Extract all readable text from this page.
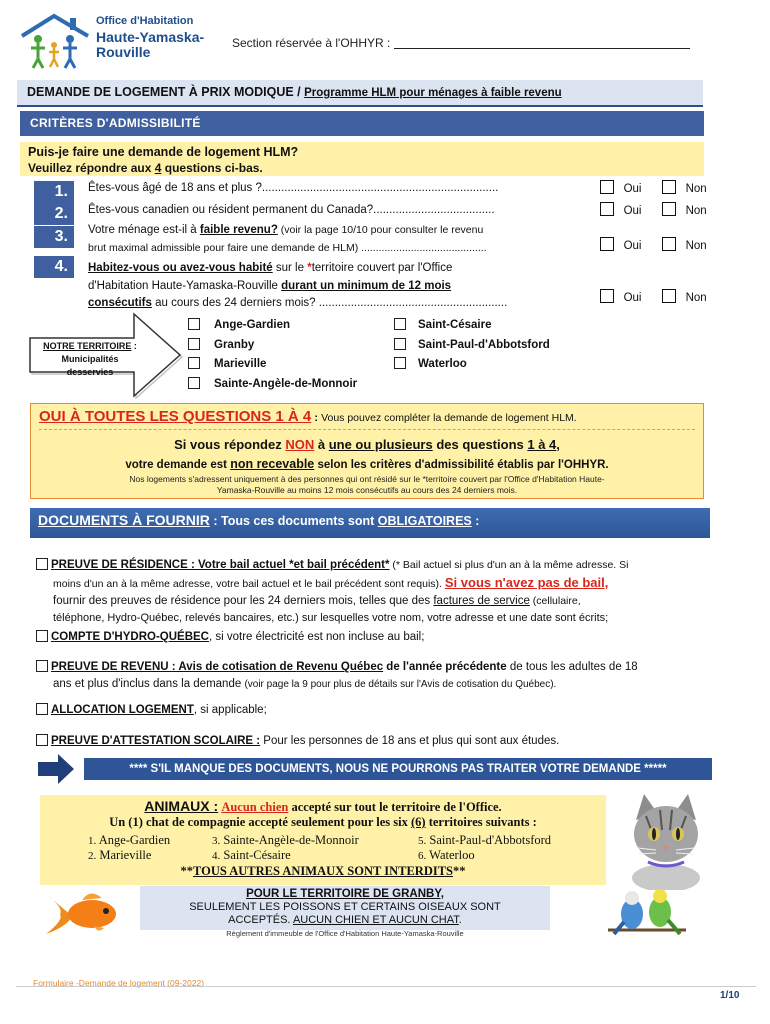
Office d'Habitation
Haute-Yamaska-
Rouville
Section réservée à l'OHHYR :
DEMANDE DE LOGEMENT À PRIX MODIQUE / Programme HLM pour ménages à faible revenu
CRITÈRES D'ADMISSIBILITÉ
Puis-je faire une demande de logement HLM?
Veuillez répondre aux 4 questions ci-bas.
1.	Êtes-vous âgé de 18 ans et plus ?..........................................................................	Oui	Non
2.	Êtes-vous canadien ou résident permanent du Canada?......................................	Oui	Non
3.	Votre ménage est-il à faible revenu? (voir la page 10/10 pour consulter le revenu
brut maximal admissible pour faire une demande de HLM) ...........................................	Oui	Non
4.	Habitez-vous ou avez-vous habité sur le *territoire couvert par l'Office
d'Habitation Haute-Yamaska-Rouville durant un minimum de 12 mois
consécutifs au cours des 24 derniers mois? ...........................................................	Oui	Non
NOTRE TERRITOIRE :
Municipalités
desservies
Ange-Gardien
Granby
Marieville
Sainte-Angèle-de-Monnoir
Saint-Césaire
Saint-Paul-d'Abbotsford
Waterloo
OUI À TOUTES LES QUESTIONS 1 À 4 : Vous pouvez compléter la demande de logement HLM.
Si vous répondez NON à une ou plusieurs des questions 1 à 4,
votre demande est non recevable selon les critères d'admissibilité établis par l'OHHYR.
Nos logements s'adressent uniquement à des personnes qui ont résidé sur le *territoire couvert par l'Office d'Habitation Haute-
Yamaska-Rouville au moins 12 mois consécutifs au cours des 24 derniers mois.
DOCUMENTS À FOURNIR : Tous ces documents sont OBLIGATOIRES :
PREUVE DE RÉSIDENCE : Votre bail actuel *et bail précédent* (* Bail actuel si plus d'un an à la même adresse. Si
moins d'un an à la même adresse, votre bail actuel et le bail précédent sont requis). Si vous n'avez pas de bail,
fournir des preuves de résidence pour les 24 derniers mois, telles que des factures de service (cellulaire,
téléphone, Hydro-Québec, relevés bancaires, etc.) sur lesquelles votre nom, votre adresse et une date sont écrits;
COMPTE D'HYDRO-QUÉBEC, si votre électricité est non incluse au bail;
PREUVE DE REVENU : Avis de cotisation de Revenu Québec de l'année précédente de tous les adultes de 18
ans et plus d'inclus dans la demande (voir page la 9 pour plus de détails sur l'Avis de cotisation du Québec).
ALLOCATION LOGEMENT, si applicable;
PREUVE D'ATTESTATION SCOLAIRE : Pour les personnes de 18 ans et plus qui sont aux études.
**** S'IL MANQUE DES DOCUMENTS, NOUS NE POURRONS PAS TRAITER VOTRE DEMANDE *****
ANIMAUX : Aucun chien accepté sur tout le territoire de l'Office.
Un (1) chat de compagnie accepté seulement pour les six (6) territoires suivants :
1. Ange-Gardien	3. Sainte-Angèle-de-Monnoir	5. Saint-Paul-d'Abbotsford
2. Marieville	4. Saint-Césaire	6. Waterloo
**TOUS AUTRES ANIMAUX SONT INTERDITS**
POUR LE TERRITOIRE DE GRANBY,
SEULEMENT LES POISSONS ET CERTAINS OISEAUX SONT
ACCEPTÉS. AUCUN CHIEN ET AUCUN CHAT.
Règlement d'immeuble de l'Office d'Habitation Haute-Yamaska-Rouville
Formulaire -Demande de logement (09-2022)
1/10
